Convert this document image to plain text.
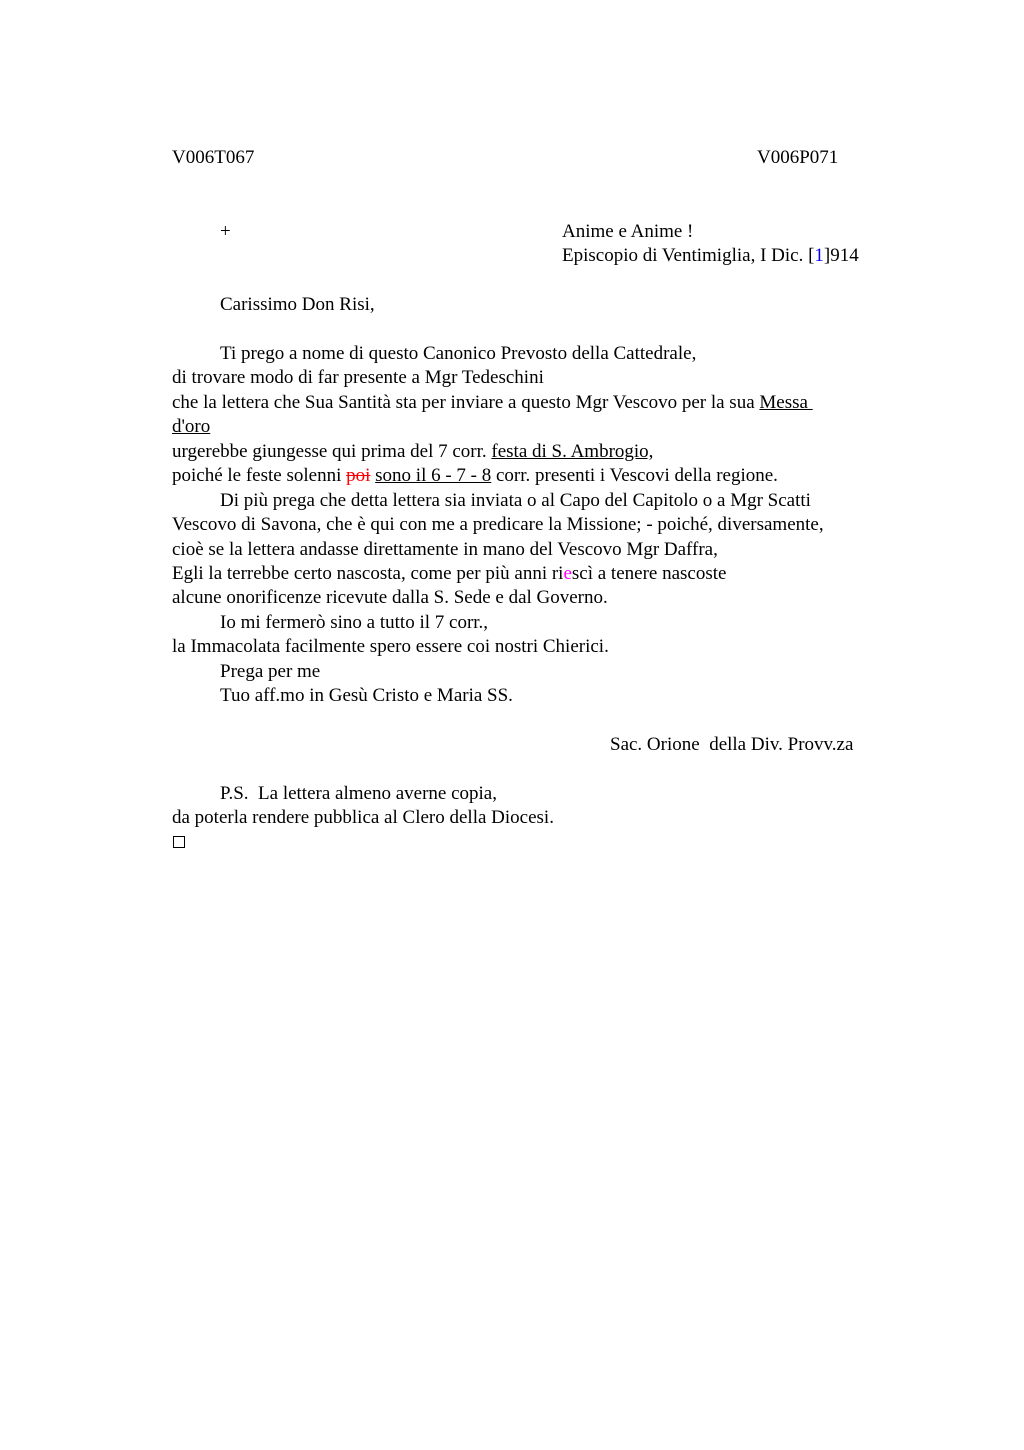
V006T067	V006P071
+	Anime e Anime !
Episcopio di Ventimiglia, I Dic. [1]914
Carissimo Don Risi,
Ti prego a nome di questo Canonico Prevosto della Cattedrale,
di trovare modo di far presente a Mgr Tedeschini
che la lettera che Sua Santità sta per inviare a questo Mgr Vescovo per la sua Messa
d'oro
urgerebbe giungesse qui prima del 7 corr. festa di S. Ambrogio,
poiché le feste solenni poi sono il 6 - 7 - 8 corr. presenti i Vescovi della regione.
Di più prega che detta lettera sia inviata o al Capo del Capitolo o a Mgr Scatti
Vescovo di Savona, che è qui con me a predicare la Missione; - poiché, diversamente,
cioè se la lettera andasse direttamente in mano del Vescovo Mgr Daffra,
Egli la terrebbe certo nascosta, come per più anni riescì a tenere nascoste
alcune onorificenze ricevute dalla S. Sede e dal Governo.
Io mi fermerò sino a tutto il 7 corr.,
la Immacolata facilmente spero essere coi nostri Chierici.
Prega per me
Tuo aff.mo in Gesù Cristo e Maria SS.
Sac. Orione  della Div. Provv.za
P.S.  La lettera almeno averne copia,
da poterla rendere pubblica al Clero della Diocesi.
